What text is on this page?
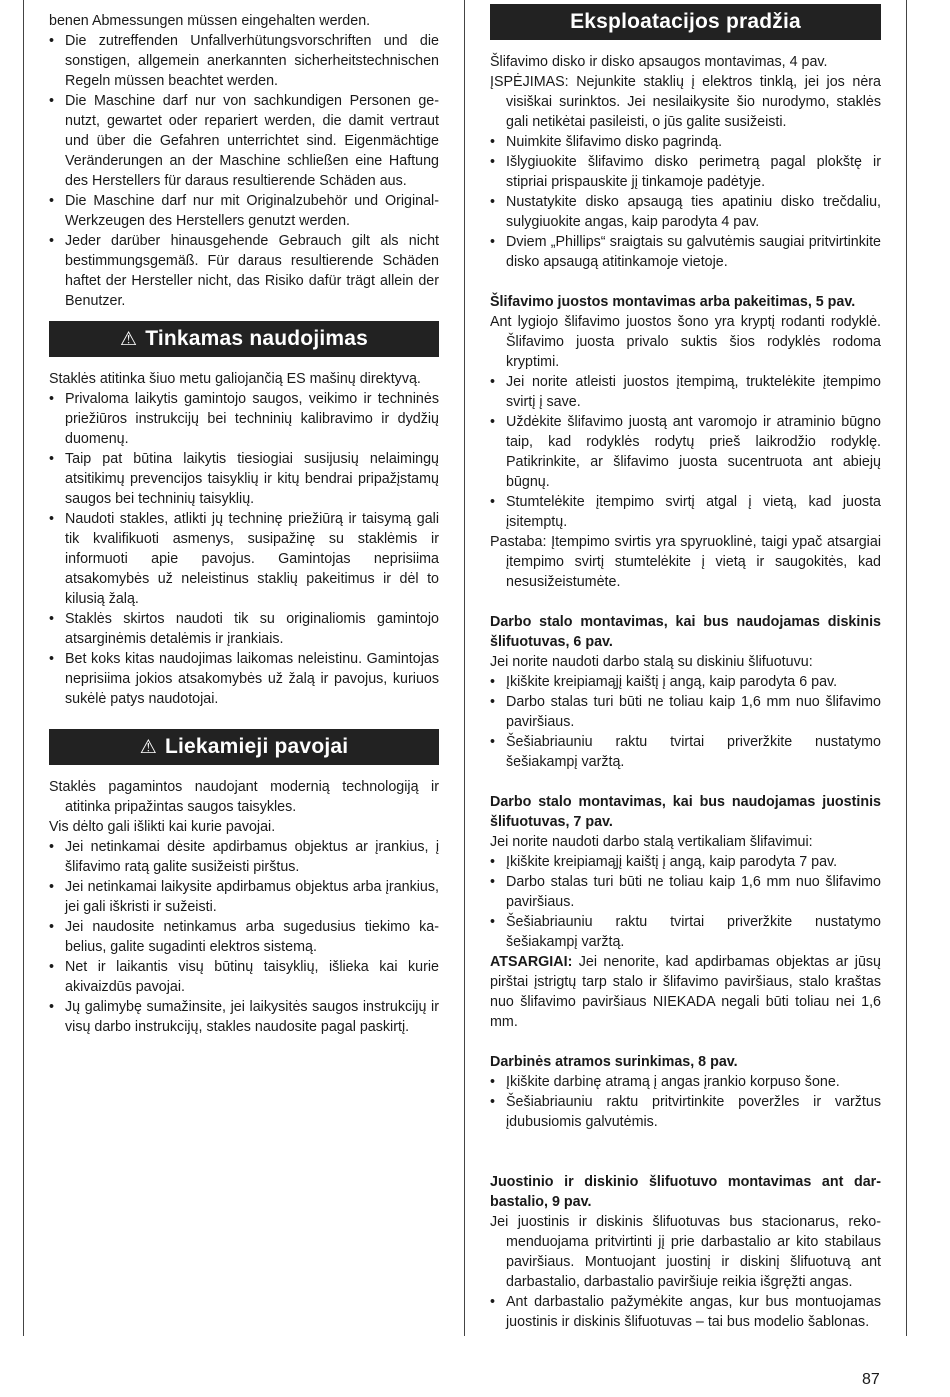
benen Abmessungen müssen eingehalten werden.

• Die zutreffenden Unfallverhütungsvorschriften und die sonstigen, allgemein anerkannten sicherheitstechnischen Regeln müssen beachtet werden.

• Die Maschine darf nur von sachkundigen Personen genutzt, gewartet oder repariert werden, die damit vertraut und über die Gefahren unterrichtet sind. Eigenmächtige Veränderungen an der Maschine schließen eine Haftung des Herstellers für daraus resultierende Schäden aus.

• Die Maschine darf nur mit Originalzubehör und OriginalWerkzeugen des Herstellers genutzt werden.

• Jeder darüber hinausgehende Gebrauch gilt als nicht bestimmungsgemäß. Für daraus resultierende Schäden haftet der Hersteller nicht, das Risiko dafür trägt allein der Benutzer.

⚠ Tinkamas naudojimas

Staklės atitinka šiuo metu galiojančią ES mašinų direktyvą.

• Privaloma laikytis gamintojo saugos, veikimo ir techninės priežiūros instrukcijų bei techninių kalibravimo ir dydžių duomenų.

• Taip pat būtina laikytis tiesiogiai susijusių nelaimingų atsitikimų prevencijos taisyklių ir kitų bendrai pripažįstamų saugos bei techninių taisyklių.

• Naudoti stakles, atlikti jų techninę priežiūrą ir taisymą gali tik kvalifikuoti asmenys, susipažinę su staklėmis ir informuoti apie pavojus. Gamintojas neprisiima atsakomybės už neleistinus staklių pakeitimus ir dėl to kilusią žalą.

• Staklės skirtos naudoti tik su originaliomis gamintojo atsarginėmis detalėmis ir įrankiais.

• Bet koks kitas naudojimas laikomas neleistinu. Gamintojas neprisiima jokios atsakomybės už žalą ir pavojus, kuriuos sukėlė patys naudotojai.

⚠ Liekamieji pavojai

Staklės pagamintos naudojant modernią technologiją ir atitinka pripažintas saugos taisykles.

Vis dėlto gali išlikti kai kurie pavojai.

• Jei netinkamai dėsite apdirbamus objektus ar įrankius, į šlifavimo ratą galite susižeisti pirštus.

• Jei netinkamai laikysite apdirbamus objektus arba įrankius, jei gali iškristi ir sužeisti.

• Jei naudosite netinkamus arba sugedusius tiekimo kabelius, galite sugadinti elektros sistemą.

• Net ir laikantis visų būtinų taisyklių, išlieka kai kurie akivaizdūs pavojai.

• Jų galimybę sumažinsite, jei laikysitės saugos instrukcijų ir visų darbo instrukcijų, stakles naudosite pagal paskirtį.

Eksploatacijos pradžia

Šlifavimo disko ir disko apsaugos montavimas, 4 pav.

ĮSPĖJIMAS: Nejunkite staklių į elektros tinklą, jei jos nėra visiškai surinktos. Jei nesilaikysite šio nurodymo, staklės gali netikėtai pasileisti, o jūs galite susižeisti.

• Nuimkite šlifavimo disko pagrindą.

• Išlygiuokite šlifavimo disko perimetrą pagal plokštę ir stipriai prispauskite jį tinkamoje padėtyje.

• Nustatykite disko apsaugą ties apatiniu disko trečdaliu, sulygiuokite angas, kaip parodyta 4 pav.

• Dviem „Phillips“ sraigtais su galvutėmis saugiai pritvirtinkite disko apsaugą atitinkamoje vietoje.

Šlifavimo juostos montavimas arba pakeitimas, 5 pav.

Ant lygiojo šlifavimo juostos šono yra kryptį rodanti rodyklė. Šlifavimo juosta privalo suktis šios rodyklės rodoma kryptimi.

• Jei norite atleisti juostos įtempimą, truktelėkite įtempimo svirtį į save.

• Uždėkite šlifavimo juostą ant varomojo ir atraminio būgno taip, kad rodyklės rodytų prieš laikrodžio rodyklę. Patikrinkite, ar šlifavimo juosta sucentruota ant abiejų būgnų.

• Stumtelėkite įtempimo svirtį atgal į vietą, kad juosta įsitemptų.

Pastaba: Įtempimo svirtis yra spyruoklinė, taigi ypač atsargiai įtempimo svirtį stumtelėkite į vietą ir saugokitės, kad nesusižeistumėte.

Darbo stalo montavimas, kai bus naudojamas diskinis šlifuotuvas, 6 pav.

Jei norite naudoti darbo stalą su diskiniu šlifuotuvu:

• Įkiškite kreipiamąjį kaištį į angą, kaip parodyta 6 pav.

• Darbo stalas turi būti ne toliau kaip 1,6 mm nuo šlifavimo paviršiaus.

• Šešiabriauniu raktu tvirtai priveržkite nustatymo šešiakampį varžtą.

Darbo stalo montavimas, kai bus naudojamas juostinis šlifuotuvas, 7 pav.

Jei norite naudoti darbo stalą vertikaliam šlifavimui:

• Įkiškite kreipiamąjį kaištį į angą, kaip parodyta 7 pav.

• Darbo stalas turi būti ne toliau kaip 1,6 mm nuo šlifavimo paviršiaus.

• Šešiabriauniu raktu tvirtai priveržkite nustatymo šešiakampį varžtą.

ATSARGIAI: Jei nenorite, kad apdirbamas objektas ar jūsų pirštai įstrigtų tarp stalo ir šlifavimo paviršiaus, stalo kraštas nuo šlifavimo paviršiaus NIEKADA negali būti toliau nei 1,6 mm.

Darbinės atramos surinkimas, 8 pav.

• Įkiškite darbinę atramą į angas įrankio korpuso šone.

• Šešiabriauniu raktu pritvirtinkite poveržles ir varžtus įdubusiomis galvutėmis.

Juostinio ir diskinio šlifuotuvo montavimas ant darbastalio, 9 pav.

Jei juostinis ir diskinis šlifuotuvas bus stacionarus, rekomenduojama pritvirtinti jį prie darbastalio ar kito stabilaus paviršiaus. Montuojant juostinį ir diskinį šlifuotuvą ant darbastalio, darbastalio paviršiuje reikia išgręžti angas.

• Ant darbastalio pažymėkite angas, kur bus montuojamas juostinis ir diskinis šlifuotuvas – tai bus modelio šablonas.

87
